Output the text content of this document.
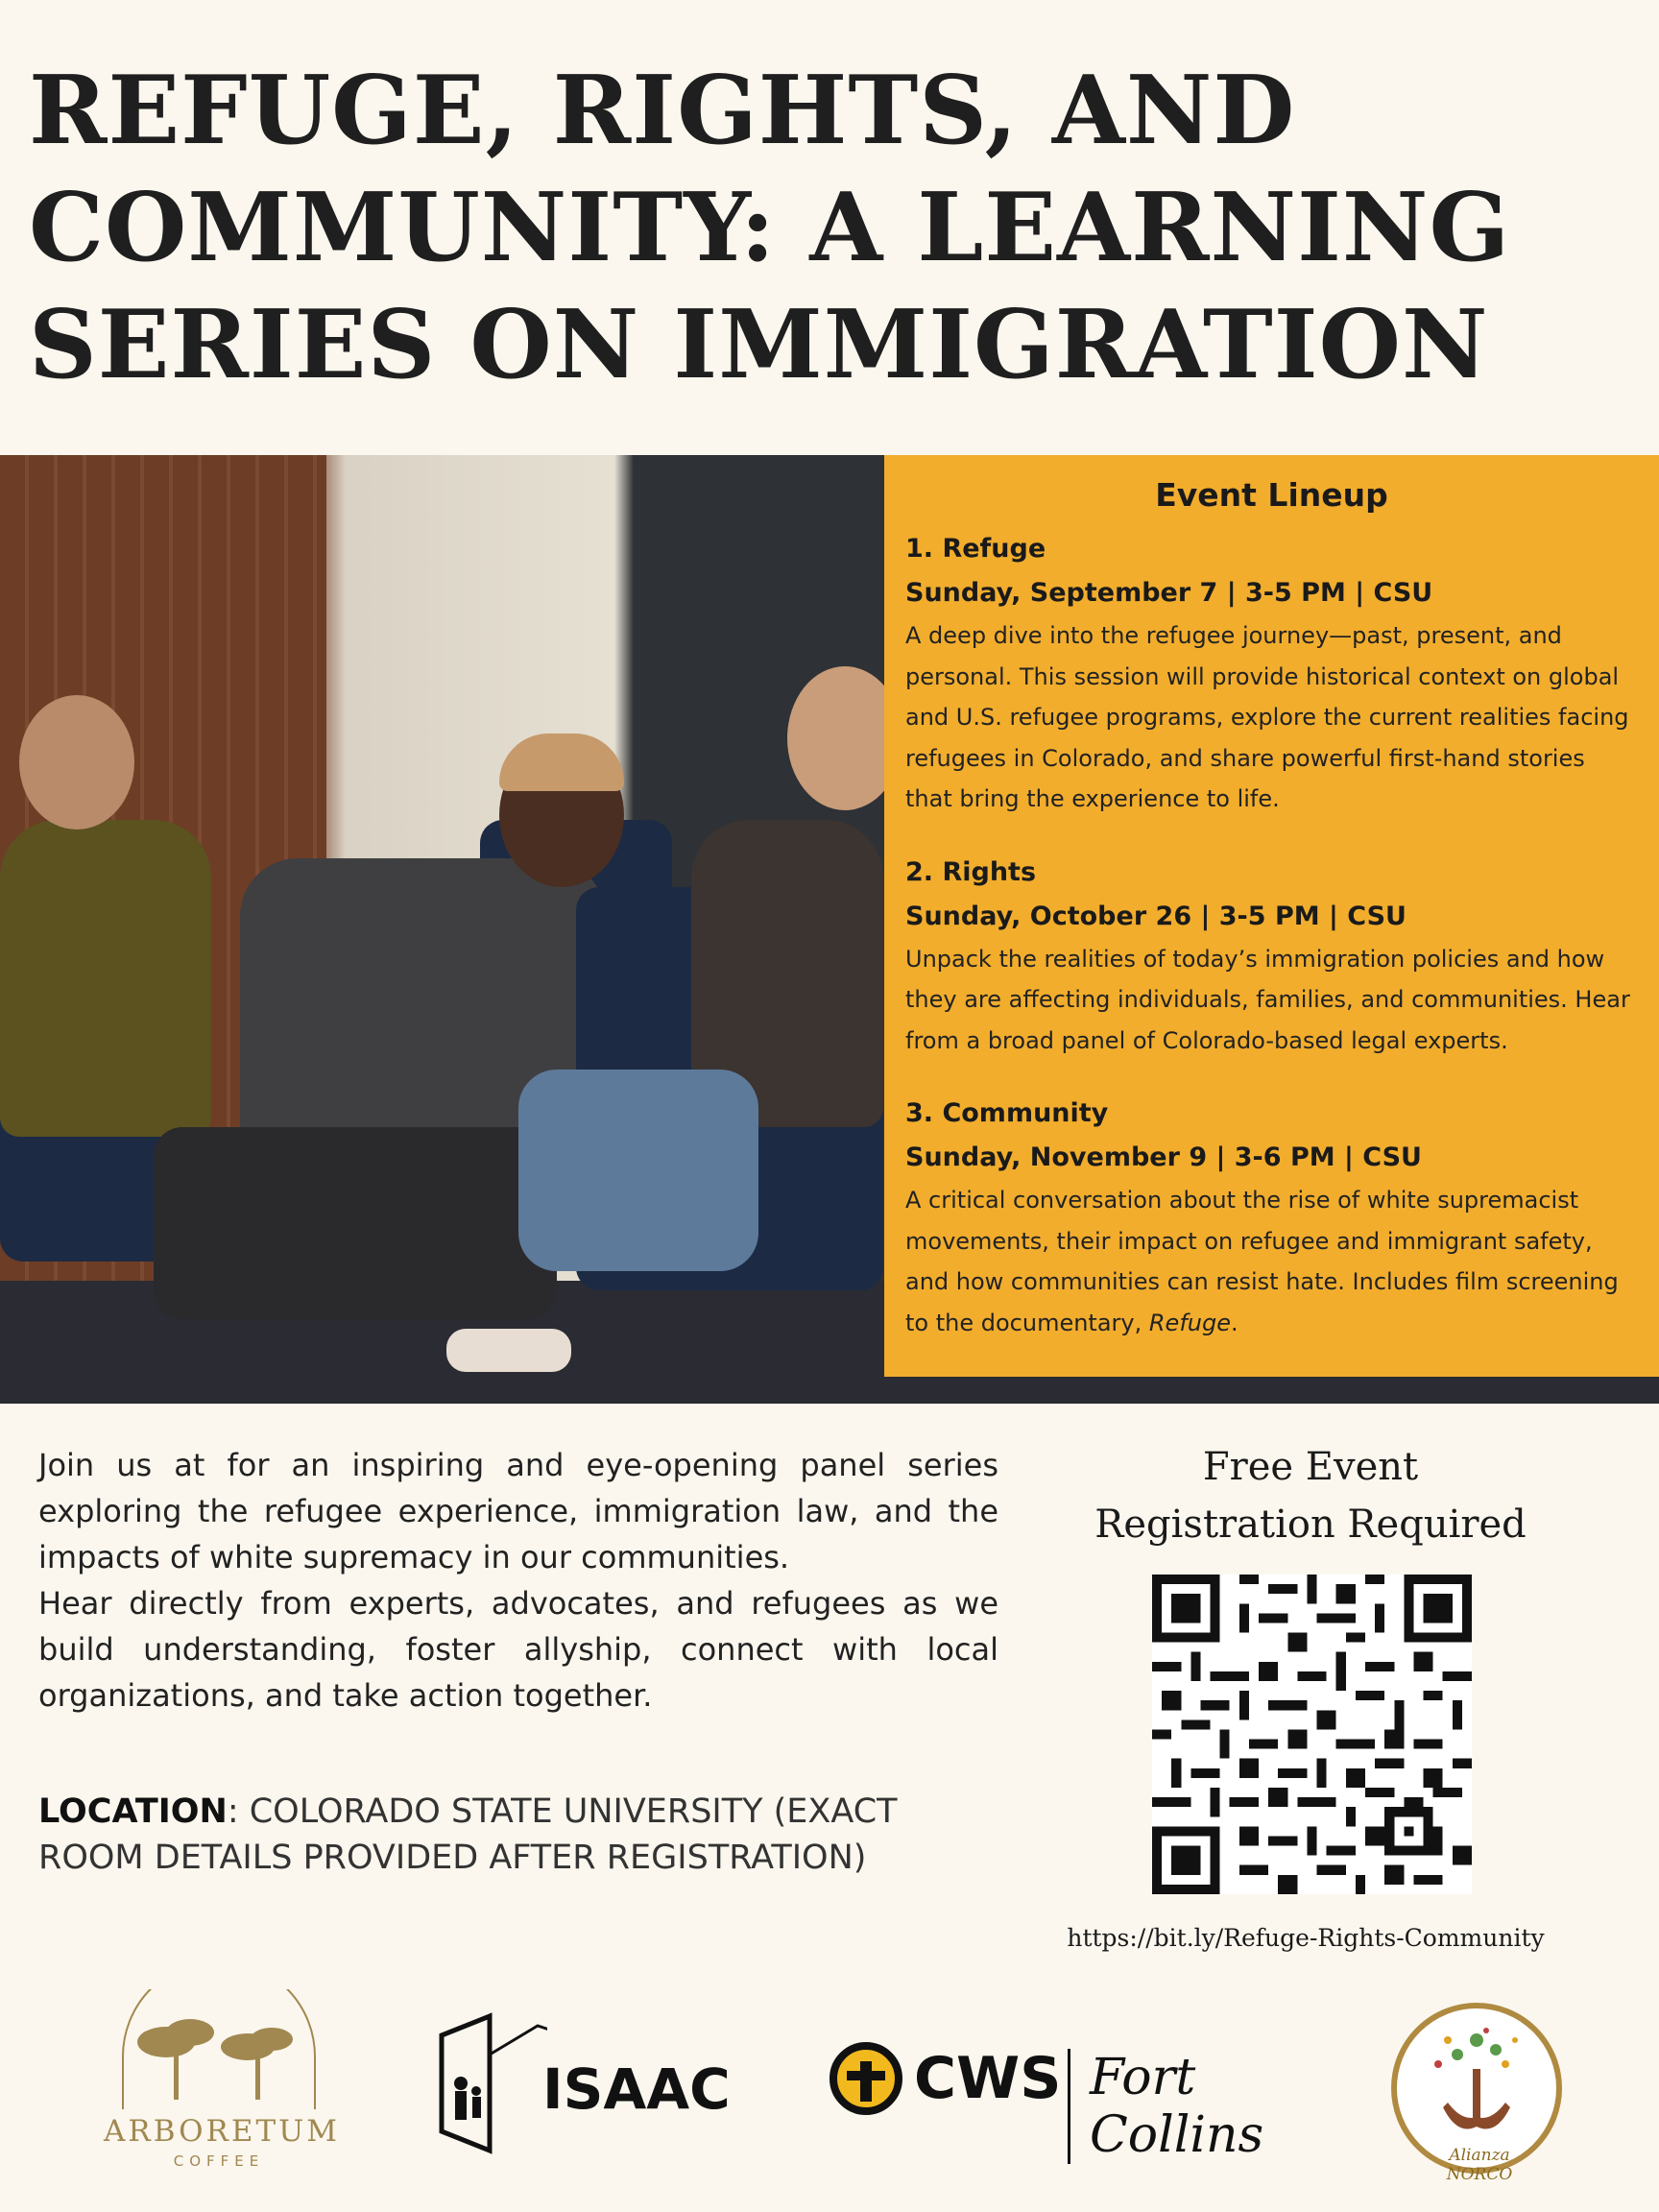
REFUGE, RIGHTS, AND
COMMUNITY: A LEARNING
SERIES ON IMMIGRATION
Event Lineup
1. Refuge
Sunday, September 7 | 3-5 PM | CSU
A deep dive into the refugee journey—past, present, and personal. This session will provide historical context on global and U.S. refugee programs, explore the current realities facing refugees in Colorado, and share powerful first-hand stories that bring the experience to life.
2. Rights
Sunday, October 26 | 3-5 PM | CSU
Unpack the realities of today’s immigration policies and how they are affecting individuals, families, and communities. Hear from a broad panel of Colorado-based legal experts.
3. Community
Sunday, November 9 | 3-6 PM | CSU
A critical conversation about the rise of white supremacist movements, their impact on refugee and immigrant safety, and how communities can resist hate. Includes film screening to the documentary, Refuge.

Join us at for an inspiring and eye-opening panel series exploring the refugee experience, immigration law, and the impacts of white supremacy in our communities.

Hear directly from experts, advocates, and refugees as we build understanding, foster allyship, connect with local organizations, and take action together.

LOCATION: COLORADO STATE UNIVERSITY (EXACT ROOM DETAILS PROVIDED AFTER REGISTRATION)
Free Event
Registration Required
https://bit.ly/Refuge-Rights-Community
ARBORETUM
COFFEE
ISAAC	CWS Fort Collins	Alianza NORCO
